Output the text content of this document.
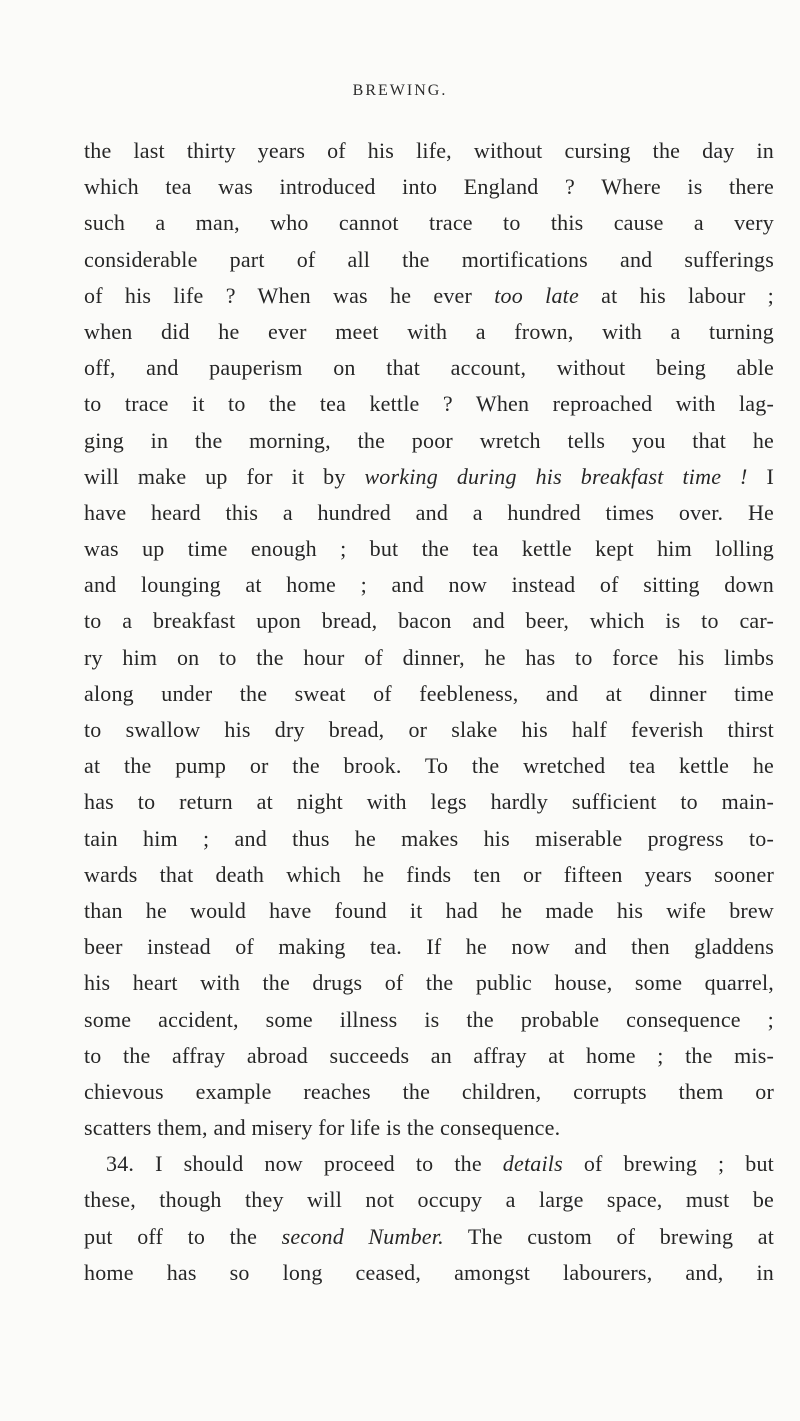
BREWING.
the last thirty years of his life, without cursing the day in
which tea was introduced into England ? Where is there
such a man, who cannot trace to this cause a very
considerable part of all the mortifications and sufferings
of his life ? When was he ever too late at his labour ;
when did he ever meet with a frown, with a turning
off, and pauperism on that account, without being able
to trace it to the tea kettle ? When reproached with lag-
ging in the morning, the poor wretch tells you that he
will make up for it by working during his breakfast time ! I
have heard this a hundred and a hundred times over. He
was up time enough ; but the tea kettle kept him lolling
and lounging at home ; and now instead of sitting down
to a breakfast upon bread, bacon and beer, which is to car-
ry him on to the hour of dinner, he has to force his limbs
along under the sweat of feebleness, and at dinner time
to swallow his dry bread, or slake his half feverish thirst
at the pump or the brook. To the wretched tea kettle he
has to return at night with legs hardly sufficient to main-
tain him ; and thus he makes his miserable progress to-
wards that death which he finds ten or fifteen years sooner
than he would have found it had he made his wife brew
beer instead of making tea. If he now and then gladdens
his heart with the drugs of the public house, some quarrel,
some accident, some illness is the probable consequence ;
to the affray abroad succeeds an affray at home ; the mis-
chievous example reaches the children, corrupts them or
scatters them, and misery for life is the consequence.
34. I should now proceed to the details of brewing ; but
these, though they will not occupy a large space, must be
put off to the second Number. The custom of brewing at
home has so long ceased, amongst labourers, and, in
